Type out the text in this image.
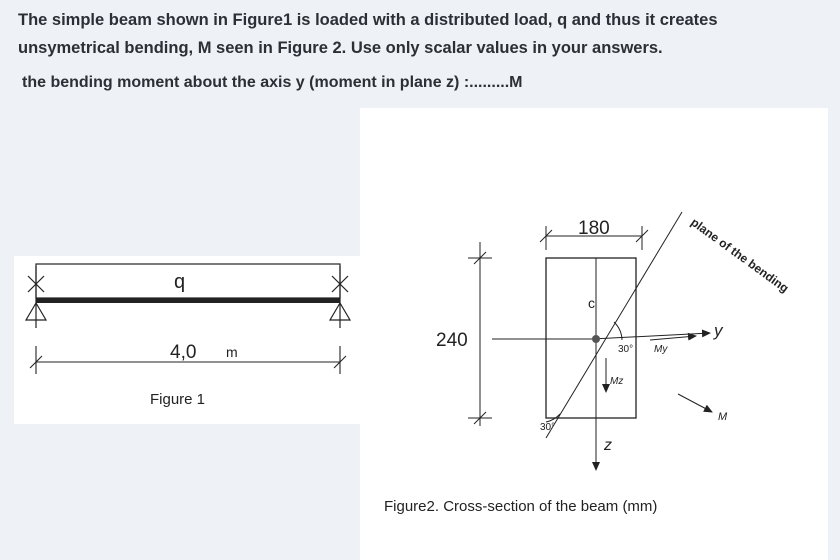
The simple beam shown in Figure1 is loaded with a distributed load, q and thus it creates
unsymetrical bending, M seen in Figure 2. Use only scalar values in your answers.
the bending moment about the axis y (moment in plane z) :.........M
q
4,0 m
Figure 1
180
240	y
z
c
30°
30°
Mz
My
M
plane of the bending
Figure2. Cross-section of the beam (mm)
